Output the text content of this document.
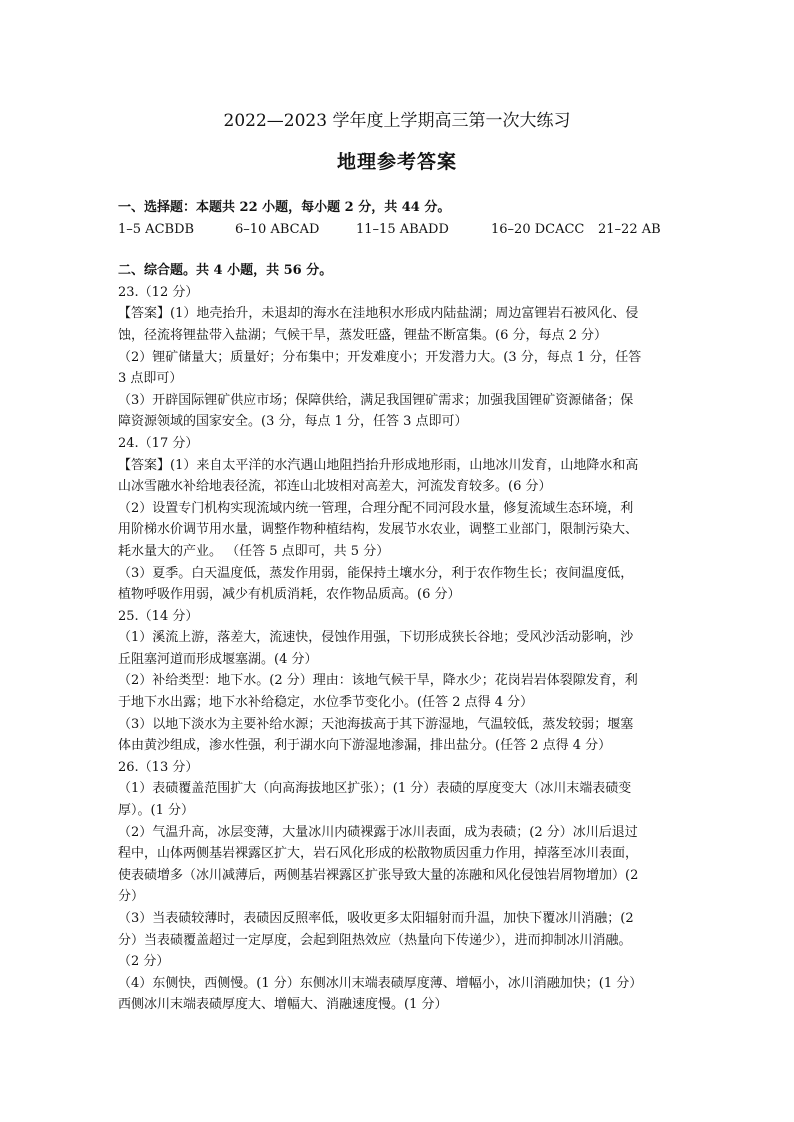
2022—2023 学年度上学期高三第一次大练习
地理参考答案

一、选择题：本题共 22 小题，每小题 2 分，共 44 分。

1–5 ACBDB	6–10 ABCAD	11–15 ABADD	16–20 DCACC	21–22 AB

二、综合题。共 4 小题，共 56 分。

23.（12 分）

【答案】(1）地壳抬升，未退却的海水在洼地积水形成内陆盐湖；周边富锂岩石被风化、侵

蚀，径流将锂盐带入盐湖；气候干旱，蒸发旺盛，锂盐不断富集。(6 分，每点 2 分）

（2）锂矿储量大；质量好；分布集中；开发难度小；开发潜力大。(3 分，每点 1 分，任答

3 点即可）

（3）开辟国际锂矿供应市场；保障供给，满足我国锂矿需求；加强我国锂矿资源储备；保

障资源领域的国家安全。(3 分，每点 1 分，任答 3 点即可）

24.（17 分）

【答案】(1）来自太平洋的水汽遇山地阻挡抬升形成地形雨，山地冰川发育，山地降水和高

山冰雪融水补给地表径流，祁连山北坡相对高差大，河流发育较多。(6 分）

（2）设置专门机构实现流域内统一管理，合理分配不同河段水量，修复流域生态环境，利

用阶梯水价调节用水量，调整作物种植结构，发展节水农业，调整工业部门，限制污染大、

耗水量大的产业。 （任答 5 点即可，共 5 分）

（3）夏季。白天温度低，蒸发作用弱，能保持土壤水分，利于农作物生长；夜间温度低，

植物呼吸作用弱，减少有机质消耗，农作物品质高。(6 分）

25.（14 分）

（1）溪流上游，落差大，流速快，侵蚀作用强，下切形成狭长谷地；受风沙活动影响，沙

丘阻塞河道而形成堰塞湖。(4 分）

（2）补给类型：地下水。(2 分）理由：该地气候干旱，降水少；花岗岩岩体裂隙发育，利

于地下水出露；地下水补给稳定，水位季节变化小。(任答 2 点得 4 分）

（3）以地下淡水为主要补给水源；天池海拔高于其下游湿地，气温较低，蒸发较弱；堰塞

体由黄沙组成，渗水性强，利于湖水向下游湿地渗漏，排出盐分。(任答 2 点得 4 分）

26.（13 分）

（1）表碛覆盖范围扩大（向高海拔地区扩张）；(1 分）表碛的厚度变大（冰川末端表碛变

厚）。(1 分）

（2）气温升高，冰层变薄，大量冰川内碛裸露于冰川表面，成为表碛；(2 分）冰川后退过

程中，山体两侧基岩裸露区扩大，岩石风化形成的松散物质因重力作用，掉落至冰川表面，

使表碛增多（冰川减薄后，两侧基岩裸露区扩张导致大量的冻融和风化侵蚀岩屑物增加）(2

分）

（3）当表碛较薄时，表碛因反照率低，吸收更多太阳辐射而升温，加快下覆冰川消融；(2

分）当表碛覆盖超过一定厚度，会起到阻热效应（热量向下传递少），进而抑制冰川消融。

（2 分）

（4）东侧快，西侧慢。(1 分）东侧冰川末端表碛厚度薄、增幅小，冰川消融加快；(1 分）

西侧冰川末端表碛厚度大、增幅大、消融速度慢。(1 分）
